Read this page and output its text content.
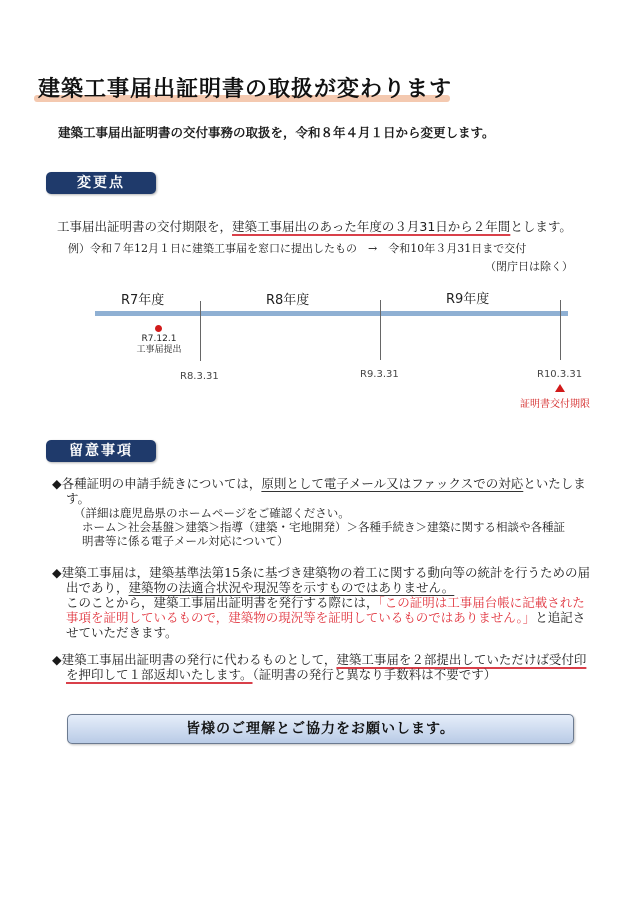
建築工事届出証明書の取扱が変わります
建築工事届出証明書の交付事務の取扱を，令和８年４月１日から変更します。
変更点
工事届出証明書の交付期限を，建築工事届出のあった年度の３月31日から２年間とします。
例）令和７年12月１日に建築工事届を窓口に提出したもの　→　令和10年３月31日まで交付
（閉庁日は除く）
R7年度	R8年度	R9年度
R7.12.1
工事届提出
R8.3.31	R9.3.31	R10.3.31
証明書交付期限
留意事項
◆各種証明の申請手続きについては，原則として電子メール又はファックスでの対応といたします。
（詳細は鹿児島県のホームページをご確認ください。
ホーム＞社会基盤＞建築＞指導（建築・宅地開発）＞各種手続き＞建築に関する相談や各種証明書等に係る電子メール対応について）
◆建築工事届は，建築基準法第15条に基づき建築物の着工に関する動向等の統計を行うための届出であり，建築物の法適合状況や現況等を示すものではありません。
このことから，建築工事届出証明書を発行する際には，「この証明は工事届台帳に記載された事項を証明しているもので，建築物の現況等を証明しているものではありません。」と追記させていただきます。
◆建築工事届出証明書の発行に代わるものとして，建築工事届を２部提出していただけば受付印を押印して１部返却いたします。（証明書の発行と異なり手数料は不要です）
皆様のご理解とご協力をお願いします。
